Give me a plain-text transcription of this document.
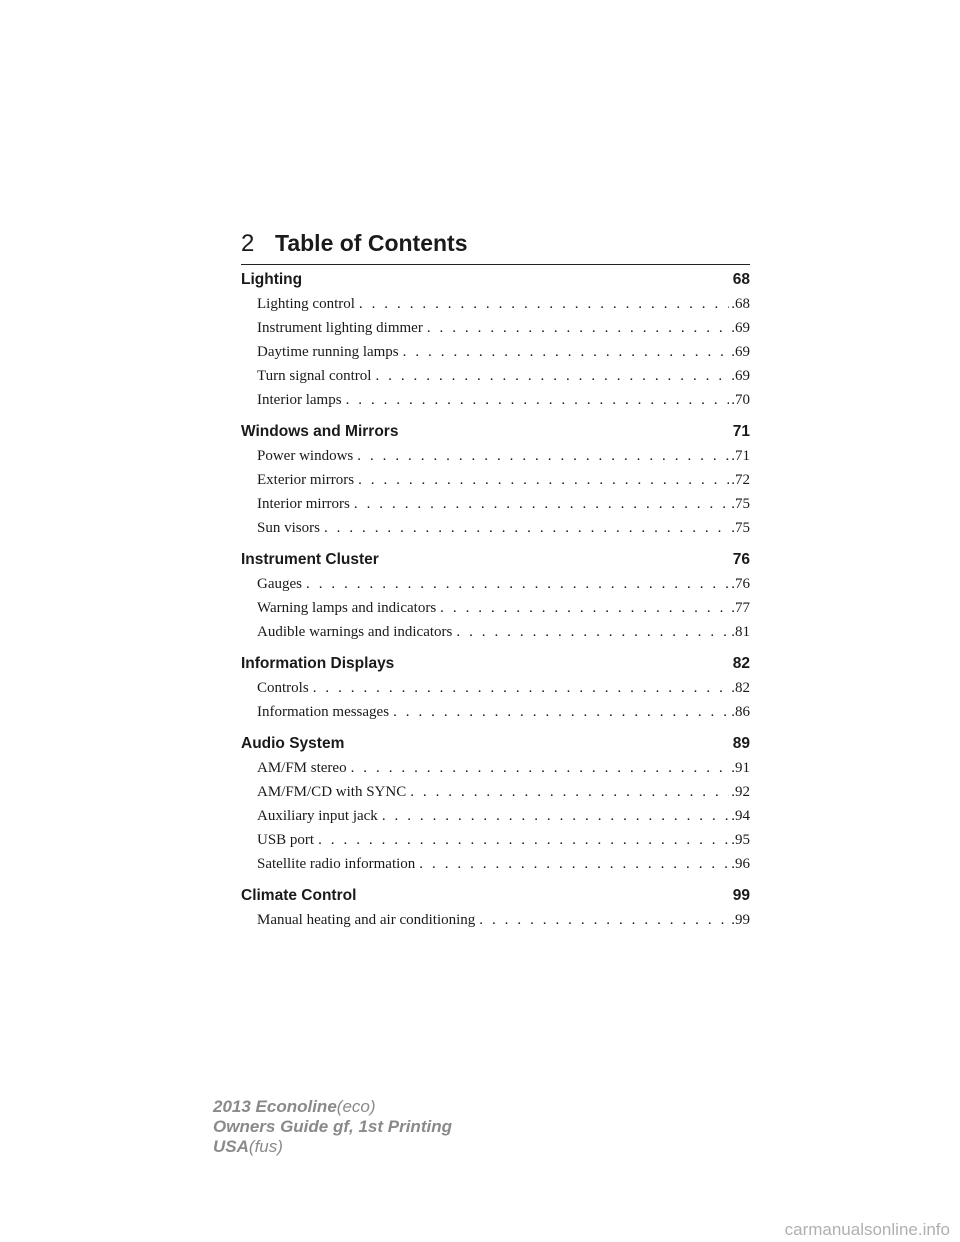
2 Table of Contents
Lighting	68
Lighting control . . .	. 68
Instrument lighting dimmer . . .	. 69
Daytime running lamps . . .	. 69
Turn signal control . . .	. 69
Interior lamps . . .	. 70
Windows and Mirrors	71
Power windows . . .	. 71
Exterior mirrors . . .	. 72
Interior mirrors . . .	. 75
Sun visors . . .	. 75
Instrument Cluster	76
Gauges . . .	. 76
Warning lamps and indicators . . .	. 77
Audible warnings and indicators . . .	. 81
Information Displays	82
Controls . . .	. 82
Information messages . . .	. 86
Audio System	89
AM/FM stereo . . .	. 91
AM/FM/CD with SYNC . . .	. 92
Auxiliary input jack . . .	. 94
USB port . . .	. 95
Satellite radio information . . .	. 96
Climate Control	99
Manual heating and air conditioning . . .	. 99
2013 Econoline(eco)
Owners Guide gf, 1st Printing
USA(fus)
carmanualsonline.info
